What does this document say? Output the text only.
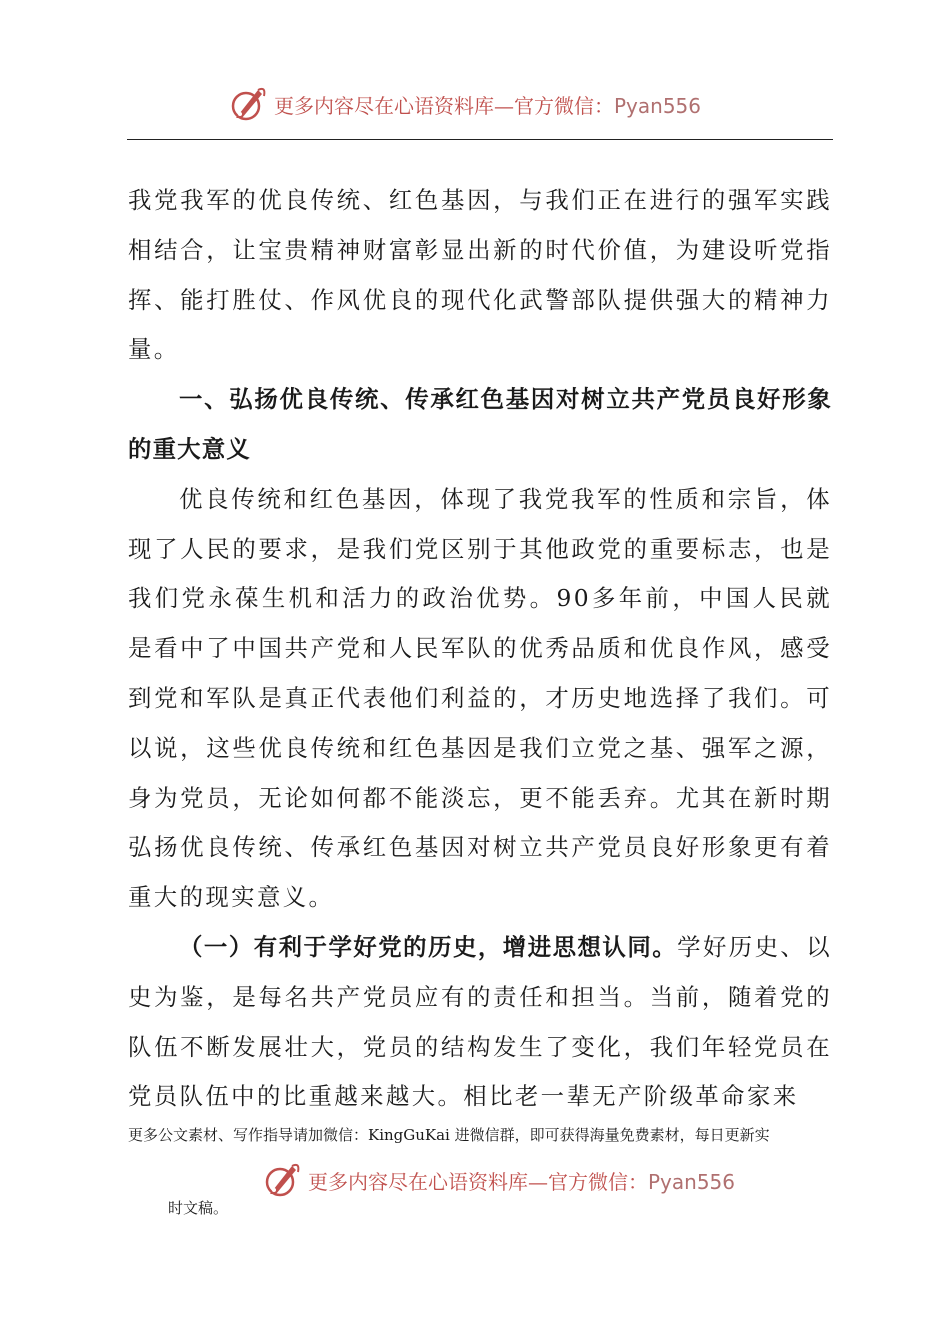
更多内容尽在心语资料库—官方微信：Pyan556

我党我军的优良传统、红色基因，与我们正在进行的强军实践相结合，让宝贵精神财富彰显出新的时代价值，为建设听党指挥、能打胜仗、作风优良的现代化武警部队提供强大的精神力量。

一、弘扬优良传统、传承红色基因对树立共产党员良好形象的重大意义

优良传统和红色基因，体现了我党我军的性质和宗旨，体现了人民的要求，是我们党区别于其他政党的重要标志，也是我们党永葆生机和活力的政治优势。90多年前，中国人民就是看中了中国共产党和人民军队的优秀品质和优良作风，感受到党和军队是真正代表他们利益的，才历史地选择了我们。可以说，这些优良传统和红色基因是我们立党之基、强军之源，身为党员，无论如何都不能淡忘，更不能丢弃。尤其在新时期弘扬优良传统、传承红色基因对树立共产党员良好形象更有着重大的现实意义。

（一）有利于学好党的历史，增进思想认同。学好历史、以史为鉴，是每名共产党员应有的责任和担当。当前，随着党的队伍不断发展壮大，党员的结构发生了变化，我们年轻党员在党员队伍中的比重越来越大。相比老一辈无产阶级革命家来

更多公文素材、写作指导请加微信：KingGuKai 进微信群，即可获得海量免费素材，每日更新实
更多内容尽在心语资料库—官方微信：Pyan556
时文稿。
